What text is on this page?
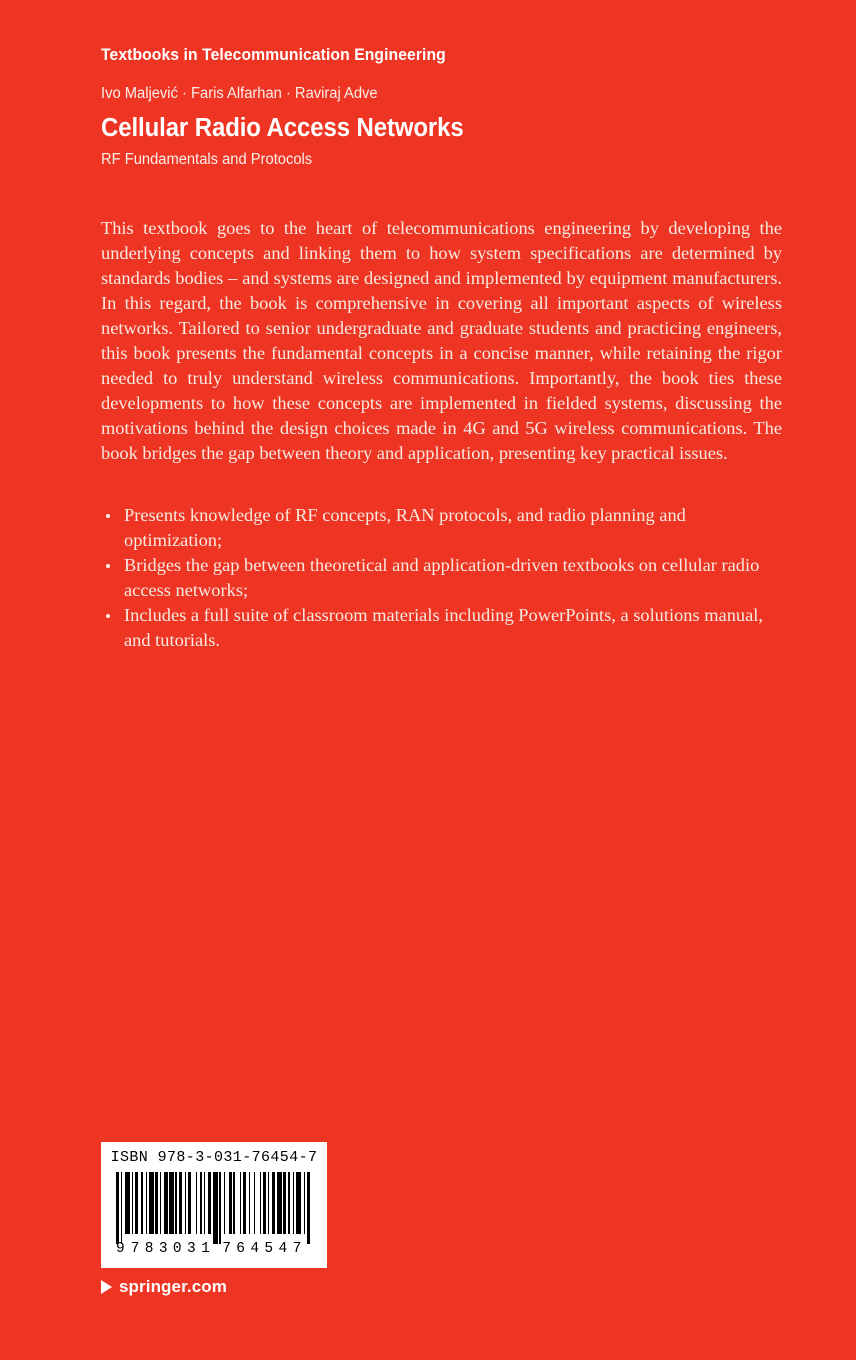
Textbooks in Telecommunication Engineering
Ivo Maljević · Faris Alfarhan · Raviraj Adve
Cellular Radio Access Networks
RF Fundamentals and Protocols
This textbook goes to the heart of telecommunications engineering by developing the underlying concepts and linking them to how system specifications are determined by standards bodies – and systems are designed and implemented by equipment manufacturers. In this regard, the book is comprehensive in covering all important aspects of wireless networks. Tailored to senior undergraduate and graduate students and practicing engineers, this book presents the fundamental concepts in a concise manner, while retaining the rigor needed to truly understand wireless communications. Importantly, the book ties these developments to how these concepts are implemented in fielded systems, discussing the motivations behind the design choices made in 4G and 5G wireless communications. The book bridges the gap between theory and application, presenting key practical issues.
Presents knowledge of RF concepts, RAN protocols, and radio planning and optimization;
Bridges the gap between theoretical and application-driven textbooks on cellular radio access networks;
Includes a full suite of classroom materials including PowerPoints, a solutions manual, and tutorials.
ISBN 978-3-031-76454-7
9 7 8 3 0 3 1 7 6 4 5 4 7
springer.com
